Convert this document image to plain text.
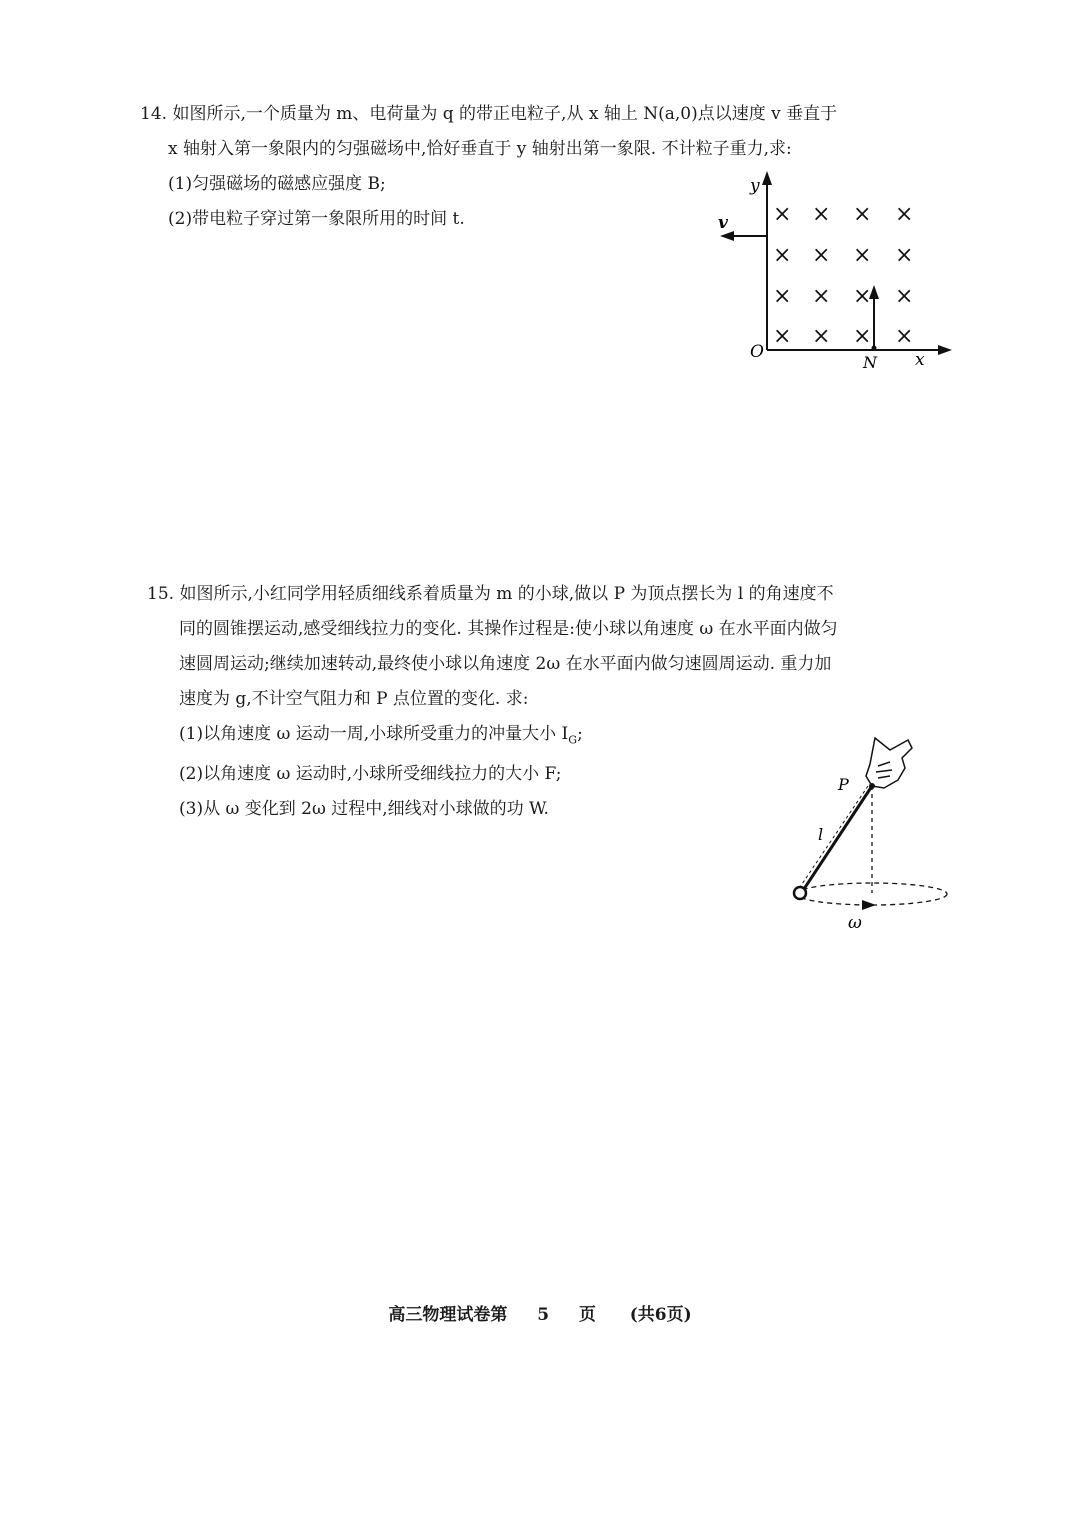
14. 如图所示,一个质量为 m、电荷量为 q 的带正电粒子,从 x 轴上 N(a,0)点以速度 v 垂直于
x 轴射入第一象限内的匀强磁场中,恰好垂直于 y 轴射出第一象限. 不计粒子重力,求:
(1)匀强磁场的磁感应强度 B;
(2)带电粒子穿过第一象限所用的时间 t.
y
x
O
N
v × × × ×
× × × ×
× × × ×
× × × ×
15. 如图所示,小红同学用轻质细线系着质量为 m 的小球,做以 P 为顶点摆长为 l 的角速度不
同的圆锥摆运动,感受细线拉力的变化. 其操作过程是:使小球以角速度 ω 在水平面内做匀
速圆周运动;继续加速转动,最终使小球以角速度 2ω 在水平面内做匀速圆周运动. 重力加
速度为 g,不计空气阻力和 P 点位置的变化. 求:
(1)以角速度 ω 运动一周,小球所受重力的冲量大小 $I_G$;
(2)以角速度 ω 运动时,小球所受细线拉力的大小 F;
(3)从 ω 变化到 2ω 过程中,细线对小球做的功 W.
P
l
ω
高三物理试卷第 5 页 (共6页)
